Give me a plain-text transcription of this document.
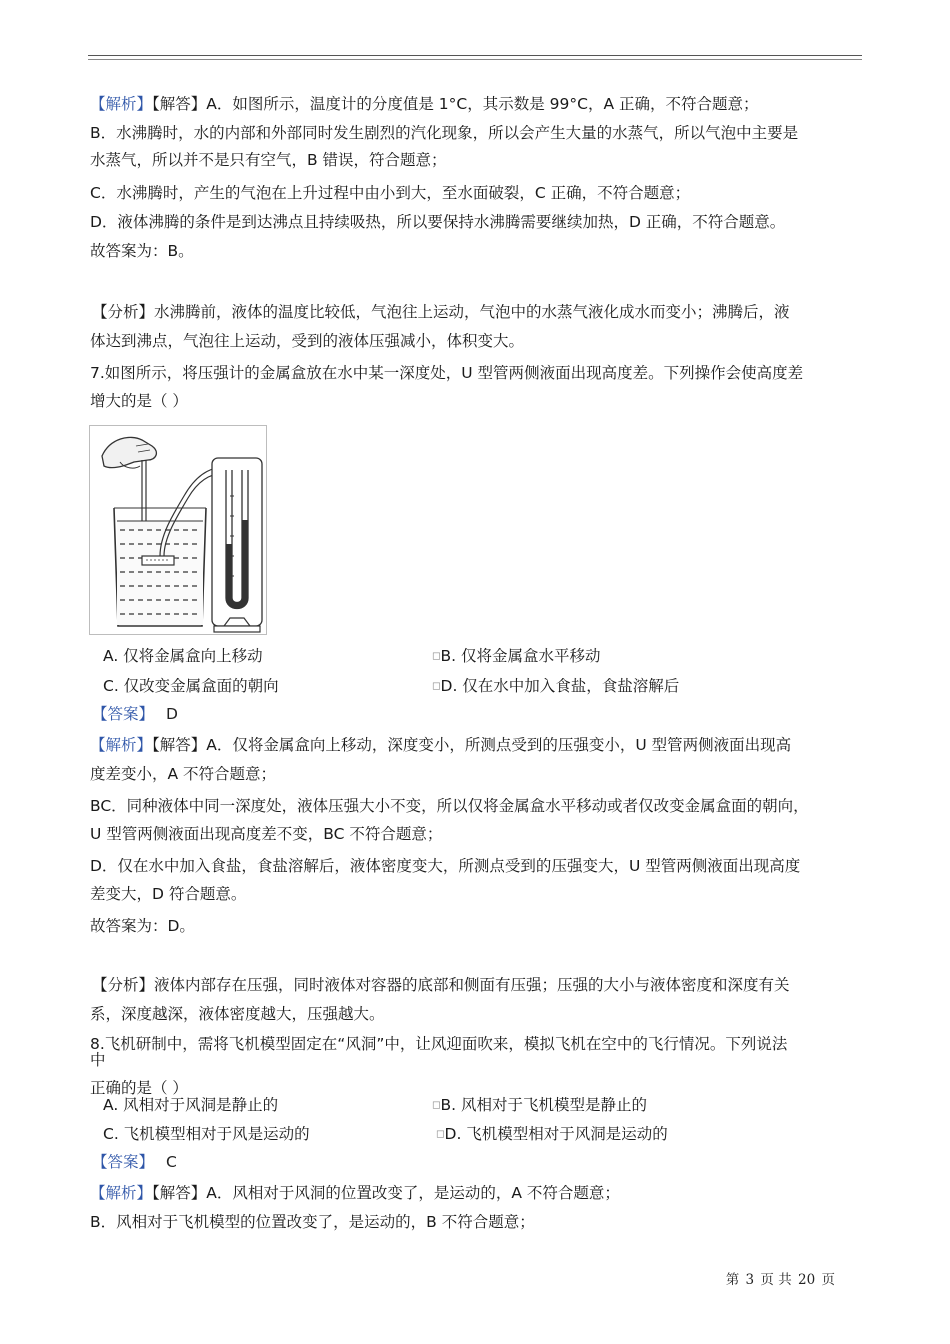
【解析】【解答】A．如图所示，温度计的分度值是 1°C，其示数是 99°C，A 正确，不符合题意；
B．水沸腾时，水的内部和外部同时发生剧烈的汽化现象，所以会产生大量的水蒸气，所以气泡中主要是
水蒸气，所以并不是只有空气，B 错误，符合题意；
C．水沸腾时，产生的气泡在上升过程中由小到大，至水面破裂，C 正确，不符合题意；
D．液体沸腾的条件是到达沸点且持续吸热，所以要保持水沸腾需要继续加热，D 正确，不符合题意。
故答案为：B。
【分析】水沸腾前，液体的温度比较低，气泡往上运动，气泡中的水蒸气液化成水而变小；沸腾后，液
体达到沸点，气泡往上运动，受到的液体压强减小，体积变大。
7.如图所示，将压强计的金属盒放在水中某一深度处，U 型管两侧液面出现高度差。下列操作会使高度差
增大的是（ ）
A. 仅将金属盒向上移动	□B. 仅将金属盒水平移动
C. 仅改变金属盒面的朝向	□D. 仅在水中加入食盐，食盐溶解后
【答案】 D
【解析】【解答】A．仅将金属盒向上移动，深度变小，所测点受到的压强变小，U 型管两侧液面出现高
度差变小，A 不符合题意；
BC．同种液体中同一深度处，液体压强大小不变，所以仅将金属盒水平移动或者仅改变金属盒面的朝向，
U 型管两侧液面出现高度差不变，BC 不符合题意；
D．仅在水中加入食盐，食盐溶解后，液体密度变大，所测点受到的压强变大，U 型管两侧液面出现高度
差变大，D 符合题意。
故答案为：D。
【分析】液体内部存在压强，同时液体对容器的底部和侧面有压强；压强的大小与液体密度和深度有关
系，深度越深，液体密度越大，压强越大。
8.飞机研制中，需将飞机模型固定在“风洞”中，让风迎面吹来，模拟飞机在空中的飞行情况。下列说法
中
正确的是（ ）
A. 风相对于风洞是静止的	□B. 风相对于飞机模型是静止的
C. 飞机模型相对于风是运动的	□D. 飞机模型相对于风洞是运动的
【答案】 C
【解析】【解答】A．风相对于风洞的位置改变了，是运动的，A 不符合题意；
B．风相对于飞机模型的位置改变了，是运动的，B 不符合题意；
第 3 页 共 20 页
